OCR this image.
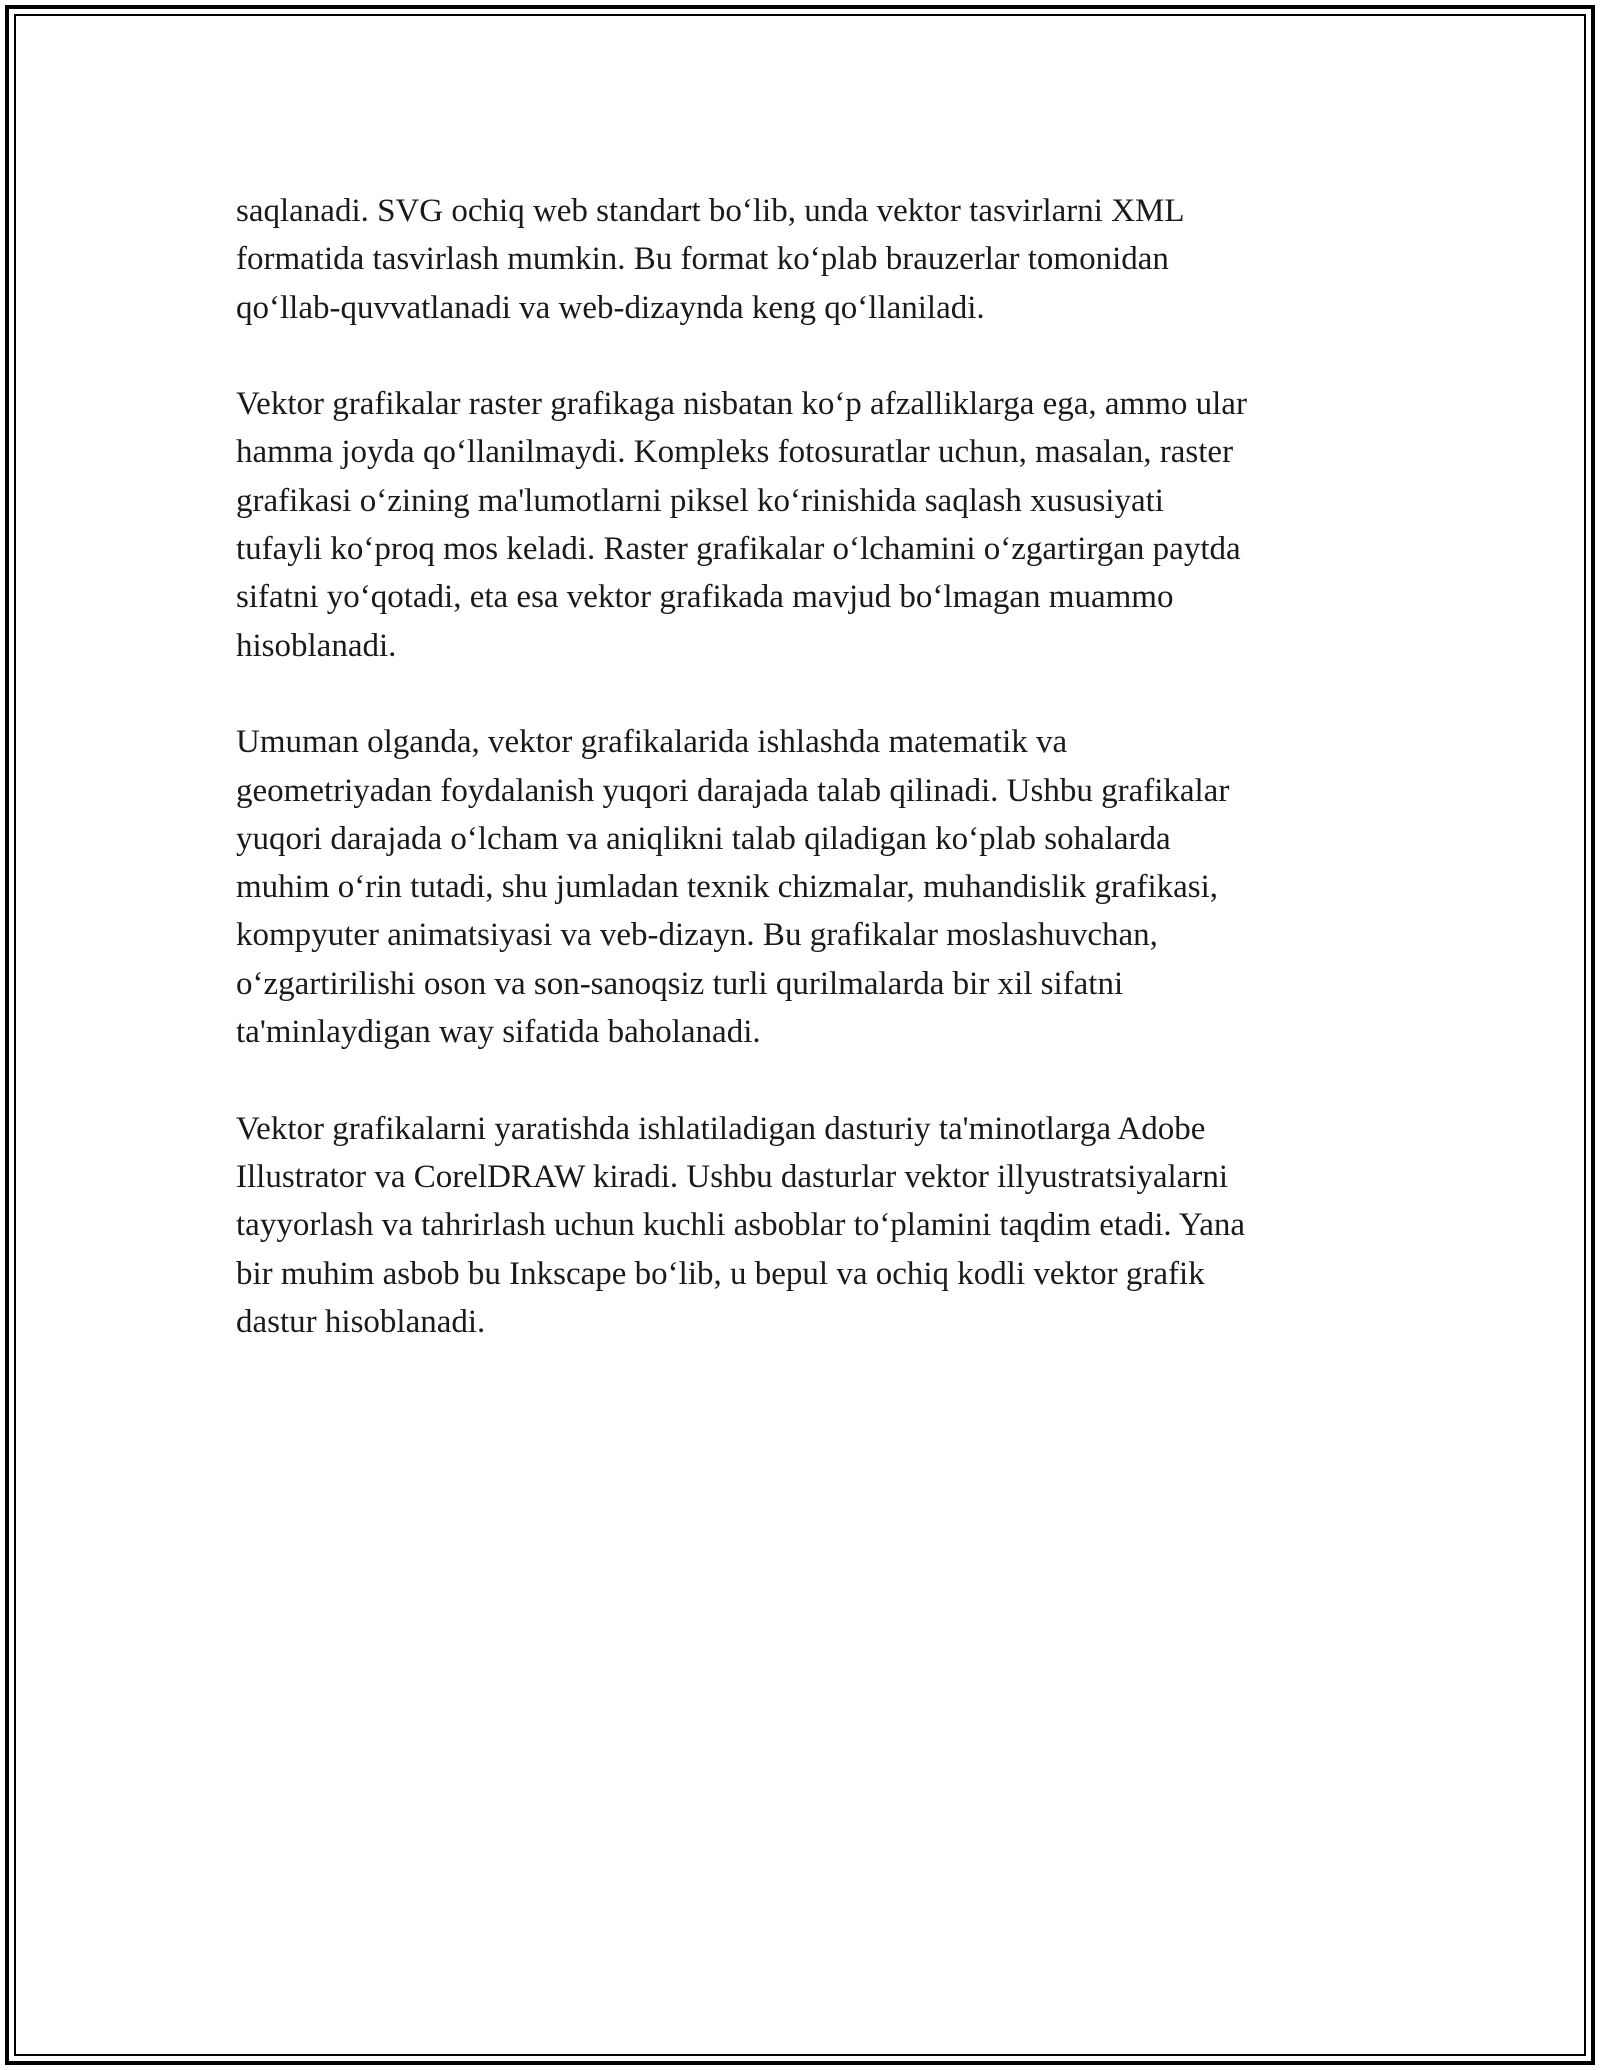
saqlanadi. SVG ochiq web standart bo‘lib, unda vektor tasvirlarni XML
formatida tasvirlash mumkin. Bu format ko‘plab brauzerlar tomonidan
qo‘llab-quvvatlanadi va web-dizaynda keng qo‘llaniladi.

Vektor grafikalar raster grafikaga nisbatan ko‘p afzalliklarga ega, ammo ular
hamma joyda qo‘llanilmaydi. Kompleks fotosuratlar uchun, masalan, raster
grafikasi o‘zining ma'lumotlarni piksel ko‘rinishida saqlash xususiyati
tufayli ko‘proq mos keladi. Raster grafikalar o‘lchamini o‘zgartirgan paytda
sifatni yo‘qotadi, eta esa vektor grafikada mavjud bo‘lmagan muammo
hisoblanadi.

Umuman olganda, vektor grafikalarida ishlashda matematik va
geometriyadan foydalanish yuqori darajada talab qilinadi. Ushbu grafikalar
yuqori darajada o‘lcham va aniqlikni talab qiladigan ko‘plab sohalarda
muhim o‘rin tutadi, shu jumladan texnik chizmalar, muhandislik grafikasi,
kompyuter animatsiyasi va veb-dizayn. Bu grafikalar moslashuvchan,
o‘zgartirilishi oson va son-sanoqsiz turli qurilmalarda bir xil sifatni
ta'minlaydigan way sifatida baholanadi.

Vektor grafikalarni yaratishda ishlatiladigan dasturiy ta'minotlarga Adobe
Illustrator va CorelDRAW kiradi. Ushbu dasturlar vektor illyustratsiyalarni
tayyorlash va tahrirlash uchun kuchli asboblar to‘plamini taqdim etadi. Yana
bir muhim asbob bu Inkscape bo‘lib, u bepul va ochiq kodli vektor grafik
dastur hisoblanadi.
